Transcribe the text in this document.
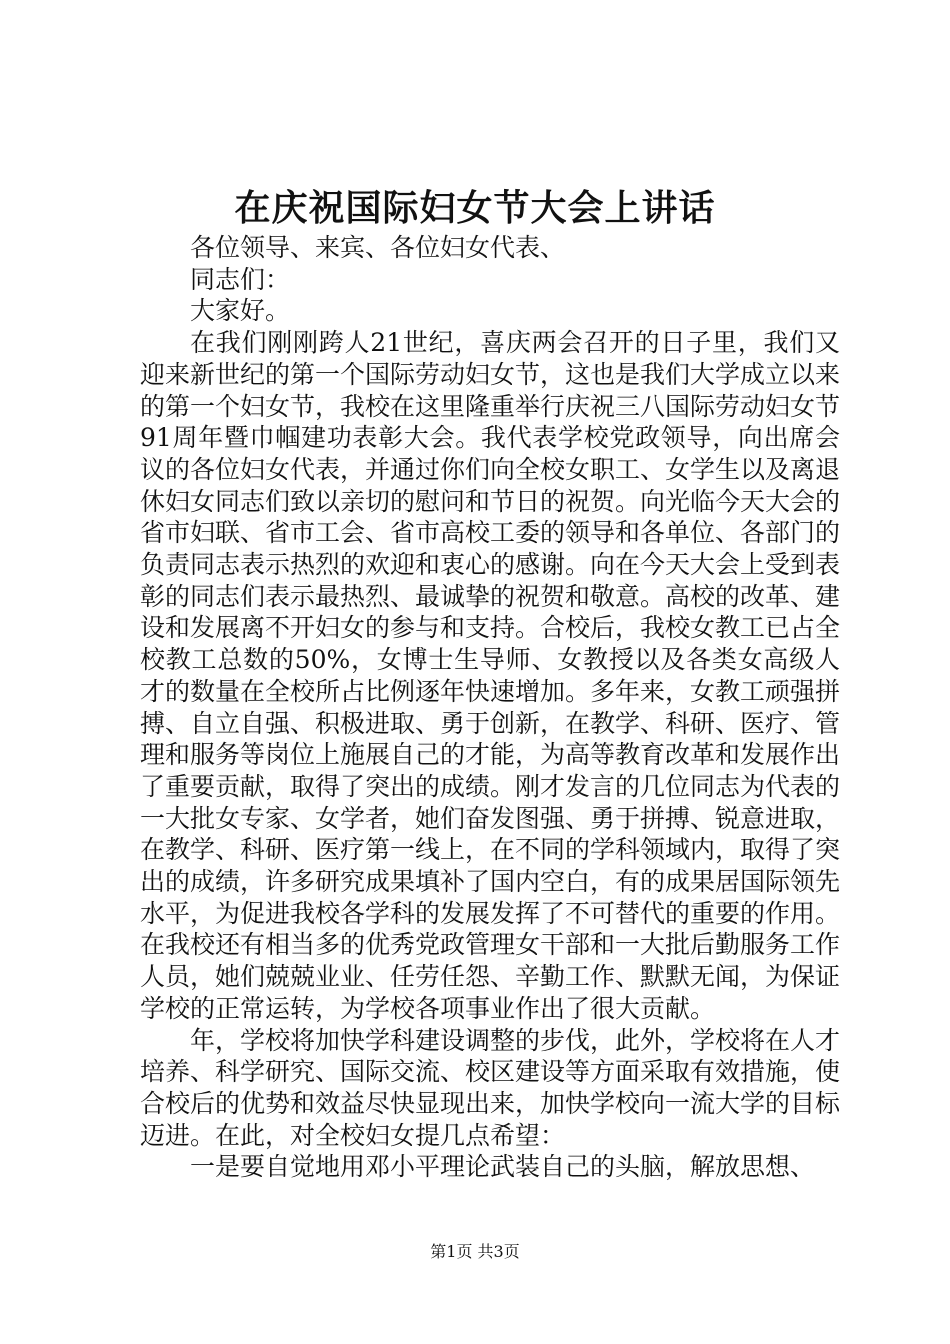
在庆祝国际妇女节大会上讲话

各位领导、来宾、各位妇女代表、

同志们：

大家好。

在我们刚刚跨人21世纪，喜庆两会召开的日子里，我们又迎来新世纪的第一个国际劳动妇女节，这也是我们大学成立以来的第一个妇女节，我校在这里隆重举行庆祝三八国际劳动妇女节91周年暨巾帼建功表彰大会。我代表学校党政领导，向出席会议的各位妇女代表，并通过你们向全校女职工、女学生以及离退休妇女同志们致以亲切的慰问和节日的祝贺。向光临今天大会的省市妇联、省市工会、省市高校工委的领导和各单位、各部门的负责同志表示热烈的欢迎和衷心的感谢。向在今天大会上受到表彰的同志们表示最热烈、最诚挚的祝贺和敬意。高校的改革、建设和发展离不开妇女的参与和支持。合校后，我校女教工已占全校教工总数的50%，女博士生导师、女教授以及各类女高级人才的数量在全校所占比例逐年快速增加。多年来，女教工顽强拼搏、自立自强、积极进取、勇于创新，在教学、科研、医疗、管理和服务等岗位上施展自己的才能，为高等教育改革和发展作出了重要贡献，取得了突出的成绩。刚才发言的几位同志为代表的一大批女专家、女学者，她们奋发图强、勇于拼搏、锐意进取，在教学、科研、医疗第一线上，在不同的学科领域内，取得了突出的成绩，许多研究成果填补了国内空白，有的成果居国际领先水平，为促进我校各学科的发展发挥了不可替代的重要的作用。在我校还有相当多的优秀党政管理女干部和一大批后勤服务工作人员，她们兢兢业业、任劳任怨、辛勤工作、默默无闻，为保证学校的正常运转，为学校各项事业作出了很大贡献。

年，学校将加快学科建设调整的步伐，此外，学校将在人才培养、科学研究、国际交流、校区建设等方面采取有效措施，使合校后的优势和效益尽快显现出来，加快学校向一流大学的目标迈进。在此，对全校妇女提几点希望：

一是要自觉地用邓小平理论武装自己的头脑，解放思想、

第1页 共3页
